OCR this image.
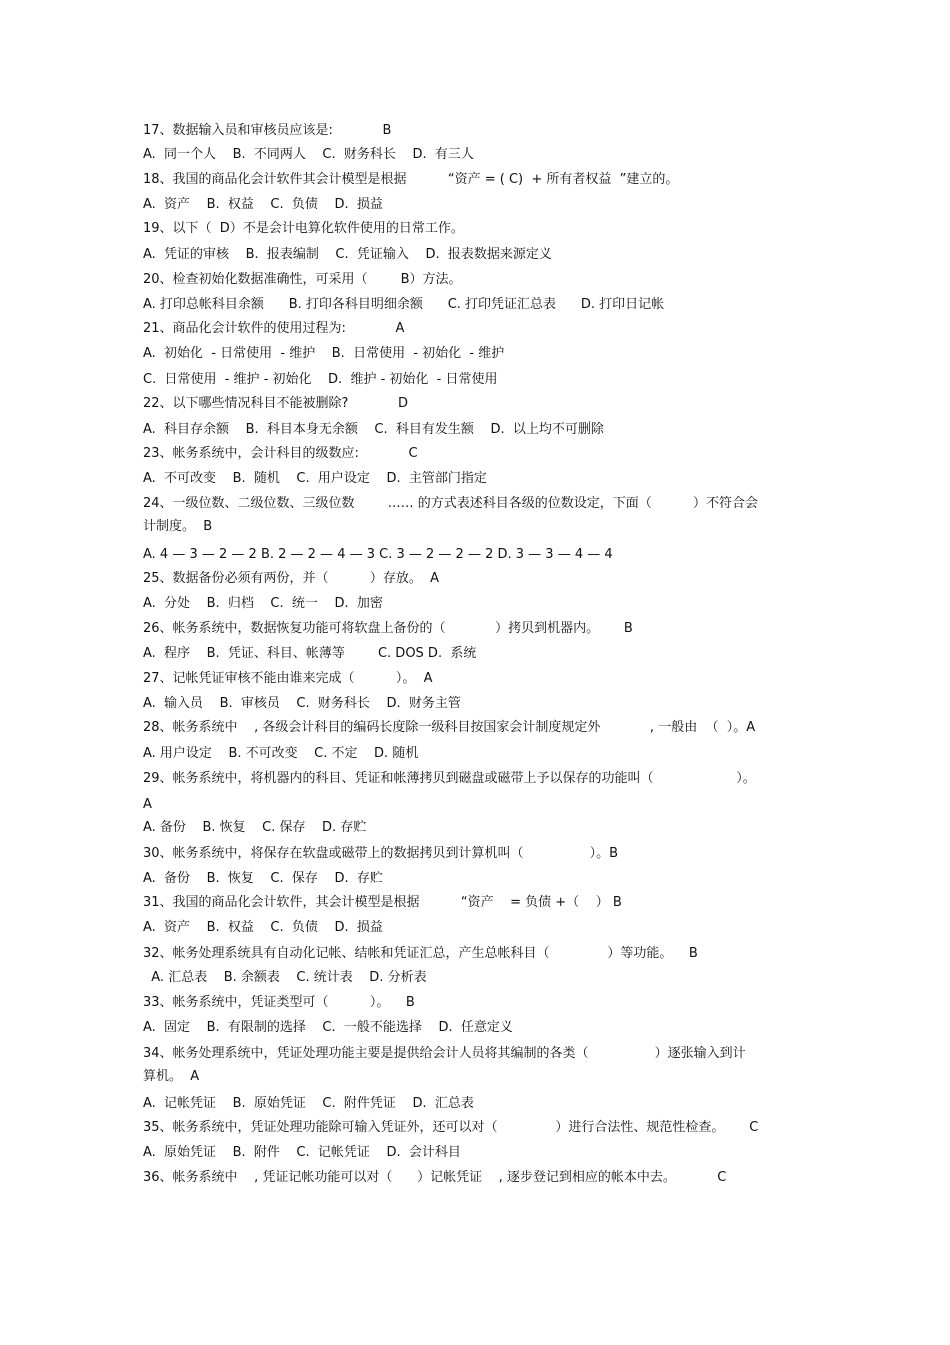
17、数据输入员和审核员应该是:            B
A.  同一个人    B.  不同两人    C.  财务科长    D.  有三人
18、我国的商品化会计软件其会计模型是根据          “资产 = ( C)  + 所有者权益  ”建立的。
A.  资产    B.  权益    C.  负债    D.  损益
19、以下（  D）不是会计电算化软件使用的日常工作。
A.  凭证的审核    B.  报表编制    C.  凭证输入    D.  报表数据来源定义
20、检查初始化数据准确性，可采用（        B）方法。
A. 打印总帐科目余额      B. 打印各科目明细余额      C. 打印凭证汇总表      D. 打印日记帐
21、商品化会计软件的使用过程为:            A
A.  初始化  - 日常使用  - 维护    B.  日常使用  - 初始化  - 维护
C.  日常使用  - 维护 - 初始化    D.  维护 - 初始化  - 日常使用
22、以下哪些情况科目不能被删除?            D
A.  科目存余额    B.  科目本身无余额    C.  科目有发生额    D.  以上均不可删除
23、帐务系统中，会计科目的级数应:            C
A.  不可改变    B.  随机    C.  用户设定    D.  主管部门指定
24、一级位数、二级位数、三级位数        …… 的方式表述科目各级的位数设定，下面（          ）不符合会
计制度。  B
A. 4 — 3 — 2 — 2 B. 2 — 2 — 4 — 3 C. 3 — 2 — 2 — 2 D. 3 — 3 — 4 — 4
25、数据备份必须有两份，并（          ）存放。  A
A.  分处    B.  归档    C.  统一    D.  加密
26、帐务系统中，数据恢复功能可将软盘上备份的（            ）拷贝到机器内。      B
A.  程序    B.  凭证、科目、帐薄等        C. DOS D.  系统
27、记帐凭证审核不能由谁来完成（          ）。  A
A.  输入员    B.  审核员    C.  财务科长    D.  财务主管
28、帐务系统中    , 各级会计科目的编码长度除一级科目按国家会计制度规定外            , 一般由  （  ）。A
A. 用户设定    B. 不可改变    C. 不定    D. 随机
29、帐务系统中，将机器内的科目、凭证和帐薄拷贝到磁盘或磁带上予以保存的功能叫（                    ）。
A
A. 备份    B. 恢复    C. 保存    D. 存贮
30、帐务系统中，将保存在软盘或磁带上的数据拷贝到计算机叫（                ）。B
A.  备份    B.  恢复    C.  保存    D.  存贮
31、我国的商品化会计软件，其会计模型是根据          “资产    = 负债 +（    ） B
A.  资产    B.  权益    C.  负债    D.  损益
32、帐务处理系统具有自动化记帐、结帐和凭证汇总，产生总帐科目（              ）等功能。    B
A. 汇总表    B. 余额表    C. 统计表    D. 分析表
33、帐务系统中，凭证类型可（          ）。    B
A.  固定    B.  有限制的选择    C.  一般不能选择    D.  任意定义
34、帐务处理系统中，凭证处理功能主要是提供给会计人员将其编制的各类（                ）逐张输入到计
算机。  A
A.  记帐凭证    B.  原始凭证    C.  附件凭证    D.  汇总表
35、帐务系统中，凭证处理功能除可输入凭证外，还可以对（              ）进行合法性、规范性检查。      C
A.  原始凭证    B.  附件    C.  记帐凭证    D.  会计科目
36、帐务系统中    , 凭证记帐功能可以对（      ）记帐凭证    , 逐步登记到相应的帐本中去。          C
